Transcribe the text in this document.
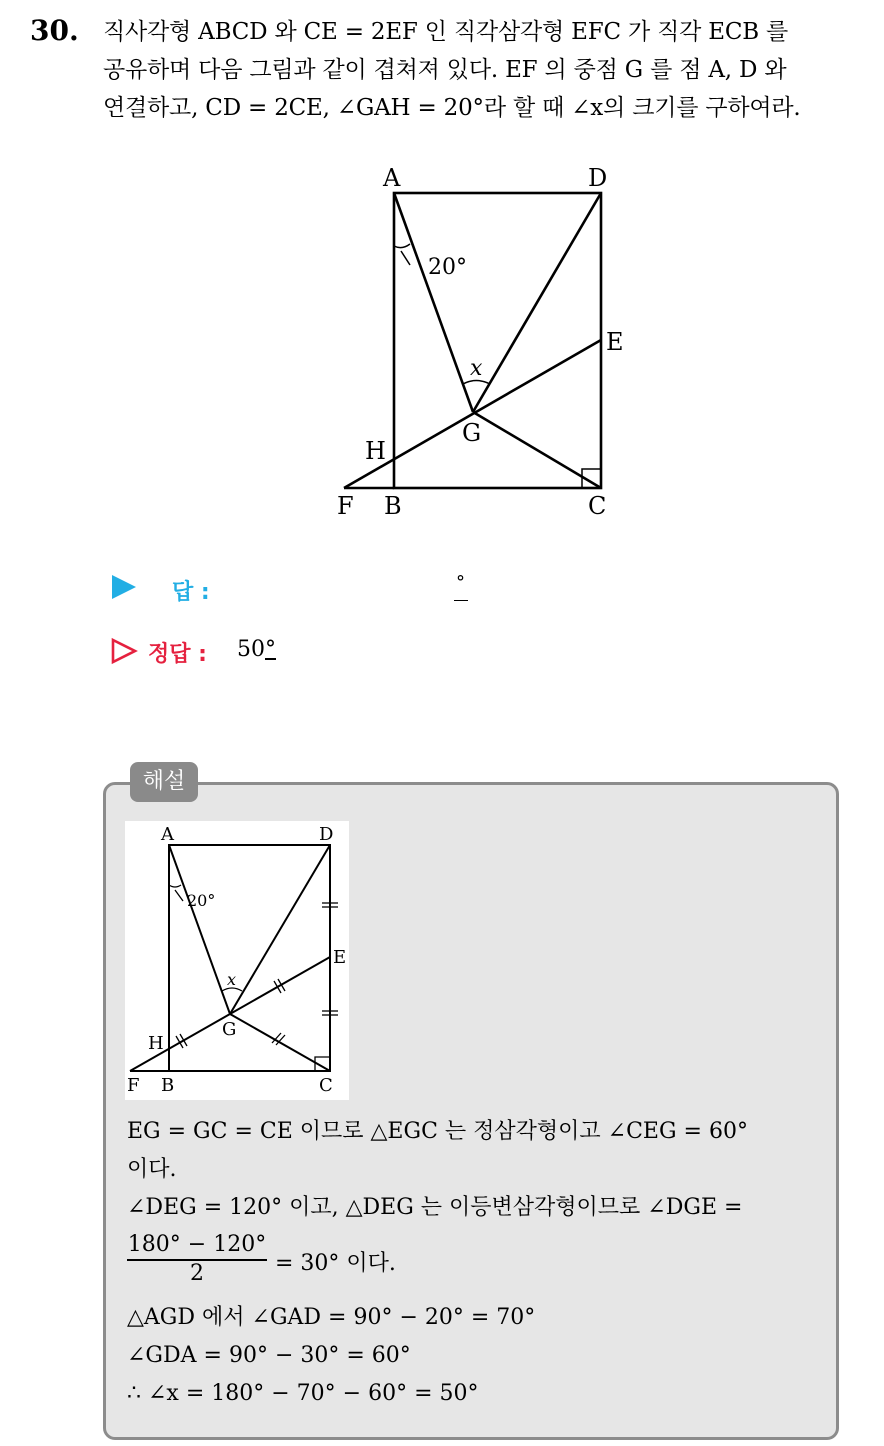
30. 직사각형 ABCD 와 CE = 2EF 인 직각삼각형 EFC 가 직각 ECB 를
공유하며 다음 그림과 같이 겹쳐져 있다. EF 의 중점 G 를 점 A, D 와
연결하고, CD = 2CE, ∠GAH = 20°라 할 때 ∠x의 크기를 구하여라.
A	D
E
G
H
F B	C
20°
x
답 :	°
정답 : 50°
해설
A	D
E
G
H
F B	C
20°
x
EG = GC = CE 이므로 △EGC 는 정삼각형이고 ∠CEG = 60°
이다.
∠DEG = 120° 이고, △DEG 는 이등변삼각형이므로 ∠DGE =
$\frac{180^\circ - 120^\circ}{2} = 30^\circ$ 이다.
△AGD 에서 ∠GAD = 90° − 20° = 70°
∠GDA = 90° − 30° = 60°
∴ ∠x = 180° − 70° − 60° = 50°
